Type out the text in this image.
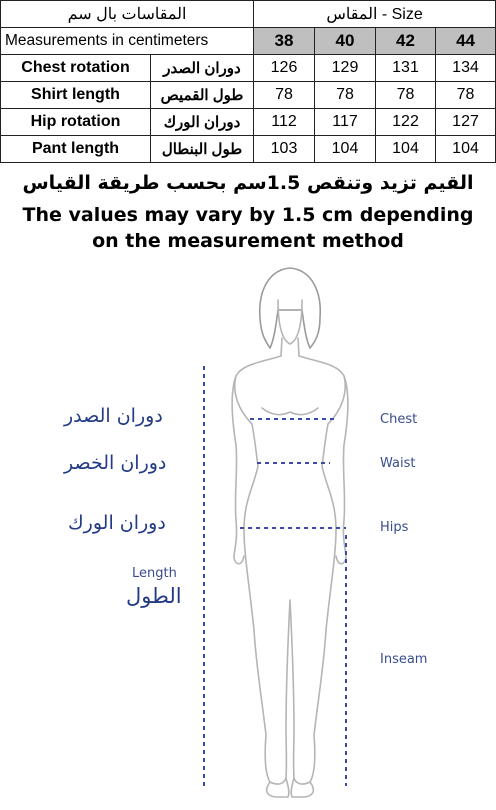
المقاسات بال سم		المقاس - Size			
Measurements in centimeters		38	40	42	44
Chest rotation	دوران الصدر	126	129	131	134
Shirt length	طول القميص	78	78	78	78
Hip rotation	دوران الورك	112	117	122	127
Pant length	طول البنطال	103	104	104	104
القيم تزيد وتنقص 1.5سم بحسب طريقة القياس
The values may vary by 1.5 cm depending
on the measurement method
دوران الصدر
دوران الخصر
دوران الورك
Length
الطول
Chest
Waist
Hips
Inseam
